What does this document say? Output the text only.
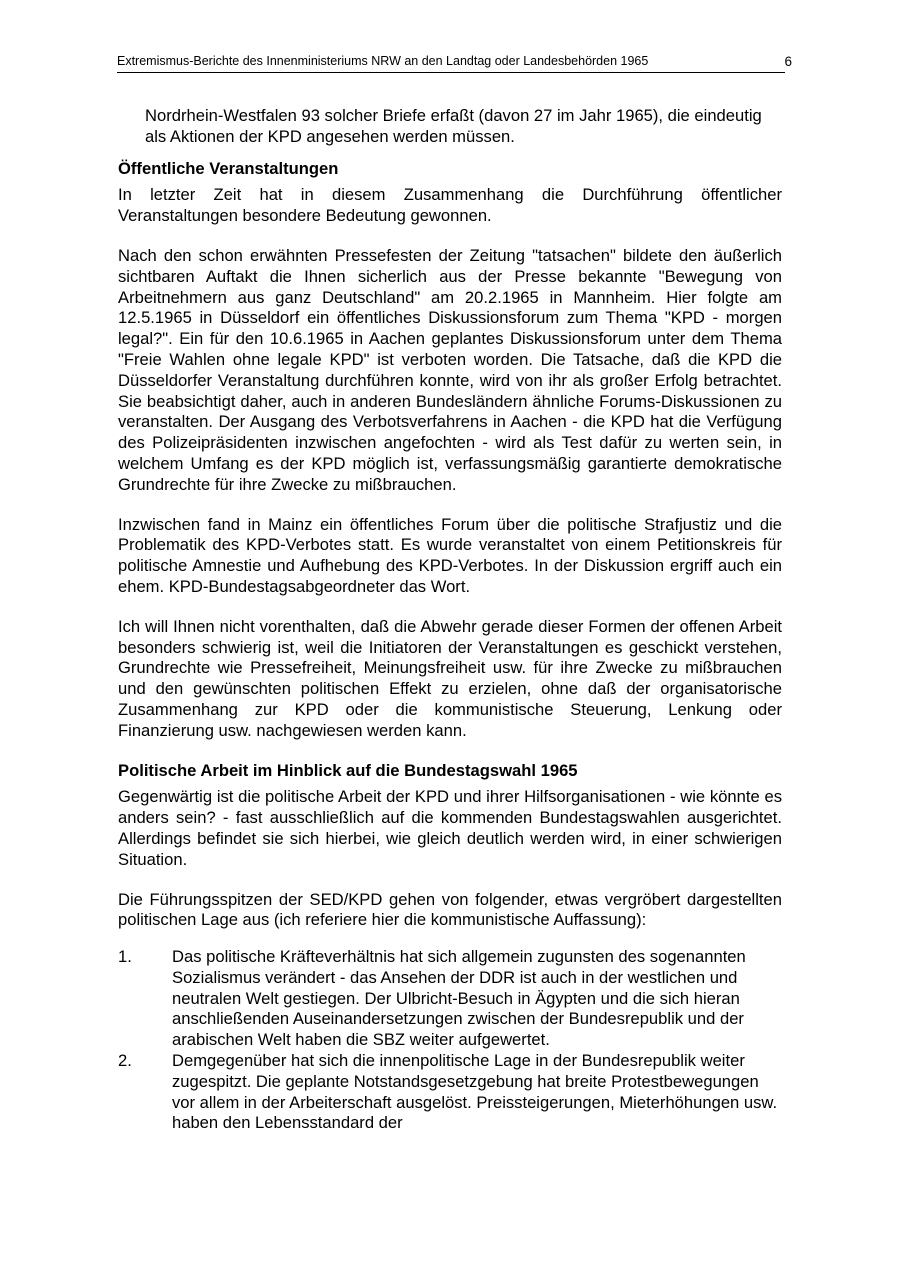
Extremismus-Berichte des Innenministeriums NRW an den Landtag oder Landesbehörden 1965	6

Nordrhein-Westfalen 93 solcher Briefe erfaßt (davon 27 im Jahr 1965), die eindeutig als Aktionen der KPD angesehen werden müssen.

Öffentliche Veranstaltungen

In letzter Zeit hat in diesem Zusammenhang die Durchführung öffentlicher Veranstaltungen besondere Bedeutung gewonnen.

Nach den schon erwähnten Pressefesten der Zeitung "tatsachen" bildete den äußerlich sichtbaren Auftakt die Ihnen sicherlich aus der Presse bekannte "Bewegung von Arbeitnehmern aus ganz Deutschland" am 20.2.1965 in Mannheim. Hier folgte am 12.5.1965 in Düsseldorf ein öffentliches Diskussionsforum zum Thema "KPD - morgen legal?". Ein für den 10.6.1965 in Aachen geplantes Diskussionsforum unter dem Thema "Freie Wahlen ohne legale KPD" ist verboten worden. Die Tatsache, daß die KPD die Düsseldorfer Veranstaltung durchführen konnte, wird von ihr als großer Erfolg betrachtet. Sie beabsichtigt daher, auch in anderen Bundesländern ähnliche Forums-Diskussionen zu veranstalten. Der Ausgang des Verbotsverfahrens in Aachen - die KPD hat die Verfügung des Polizeipräsidenten inzwischen angefochten - wird als Test dafür zu werten sein, in welchem Umfang es der KPD möglich ist, verfassungsmäßig garantierte demokratische Grundrechte für ihre Zwecke zu mißbrauchen.

Inzwischen fand in Mainz ein öffentliches Forum über die politische Strafjustiz und die Problematik des KPD-Verbotes statt. Es wurde veranstaltet von einem Petitionskreis für politische Amnestie und Aufhebung des KPD-Verbotes. In der Diskussion ergriff auch ein ehem. KPD-Bundestagsabgeordneter das Wort.

Ich will Ihnen nicht vorenthalten, daß die Abwehr gerade dieser Formen der offenen Arbeit besonders schwierig ist, weil die Initiatoren der Veranstaltungen es geschickt verstehen, Grundrechte wie Pressefreiheit, Meinungsfreiheit usw. für ihre Zwecke zu mißbrauchen und den gewünschten politischen Effekt zu erzielen, ohne daß der organisatorische Zusammenhang zur KPD oder die kommunistische Steuerung, Lenkung oder Finanzierung usw. nachgewiesen werden kann.

Politische Arbeit im Hinblick auf die Bundestagswahl 1965

Gegenwärtig ist die politische Arbeit der KPD und ihrer Hilfsorganisationen - wie könnte es anders sein? - fast ausschließlich auf die kommenden Bundestagswahlen ausgerichtet. Allerdings befindet sie sich hierbei, wie gleich deutlich werden wird, in einer schwierigen Situation.

Die Führungsspitzen der SED/KPD gehen von folgender, etwas vergröbert dargestellten politischen Lage aus (ich referiere hier die kommunistische Auffassung):

1.	Das politische Kräfteverhältnis hat sich allgemein zugunsten des sogenannten Sozialismus verändert - das Ansehen der DDR ist auch in der westlichen und neutralen Welt gestiegen. Der Ulbricht-Besuch in Ägypten und die sich hieran anschließenden Auseinandersetzungen zwischen der Bundesrepublik und der arabischen Welt haben die SBZ weiter aufgewertet.
2.	Demgegenüber hat sich die innenpolitische Lage in der Bundesrepublik weiter zugespitzt. Die geplante Notstandsgesetzgebung hat breite Protestbewegungen vor allem in der Arbeiterschaft ausgelöst. Preissteigerungen, Mieterhöhungen usw. haben den Lebensstandard der
